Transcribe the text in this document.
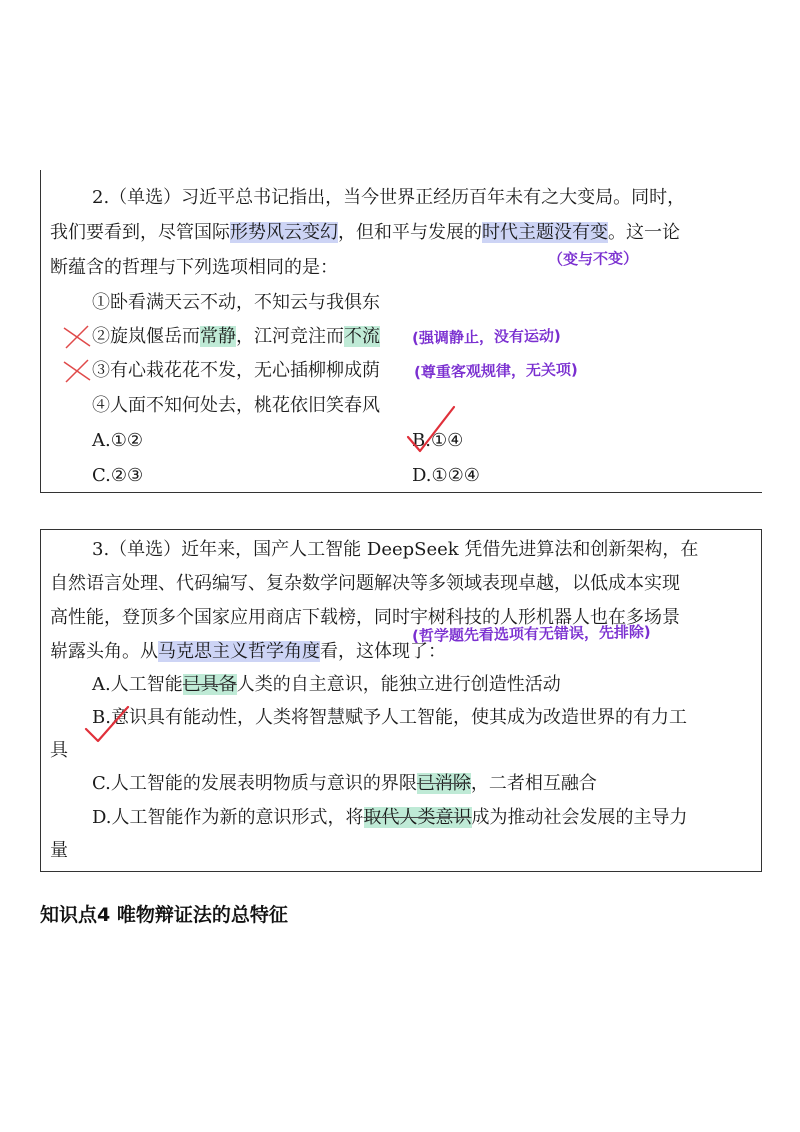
2.（单选）习近平总书记指出，当今世界正经历百年未有之大变局。同时，
我们要看到，尽管国际形势风云变幻，但和平与发展的时代主题没有变。这一论
断蕴含的哲理与下列选项相同的是：	（变与不变）
①卧看满天云不动，不知云与我俱东
②旋岚偃岳而常静，江河竞注而不流 (强调静止，没有运动)
③有心栽花花不发，无心插柳柳成荫 (尊重客观规律，无关项)
④人面不知何处去，桃花依旧笑春风
A.①②	B.①④
C.②③	D.①②④
3.（单选）近年来，国产人工智能 DeepSeek 凭借先进算法和创新架构，在
自然语言处理、代码编写、复杂数学问题解决等多领域表现卓越，以低成本实现
高性能，登顶多个国家应用商店下载榜，同时宇树科技的人形机器人也在多场景
(哲学题先看选项有无错误，先排除)
崭露头角。从马克思主义哲学角度看，这体现了：
A.人工智能已具备人类的自主意识，能独立进行创造性活动
B.意识具有能动性，人类将智慧赋予人工智能，使其成为改造世界的有力工
具
C.人工智能的发展表明物质与意识的界限已消除，二者相互融合
D.人工智能作为新的意识形式，将取代人类意识成为推动社会发展的主导力
量
知识点4 唯物辩证法的总特征
